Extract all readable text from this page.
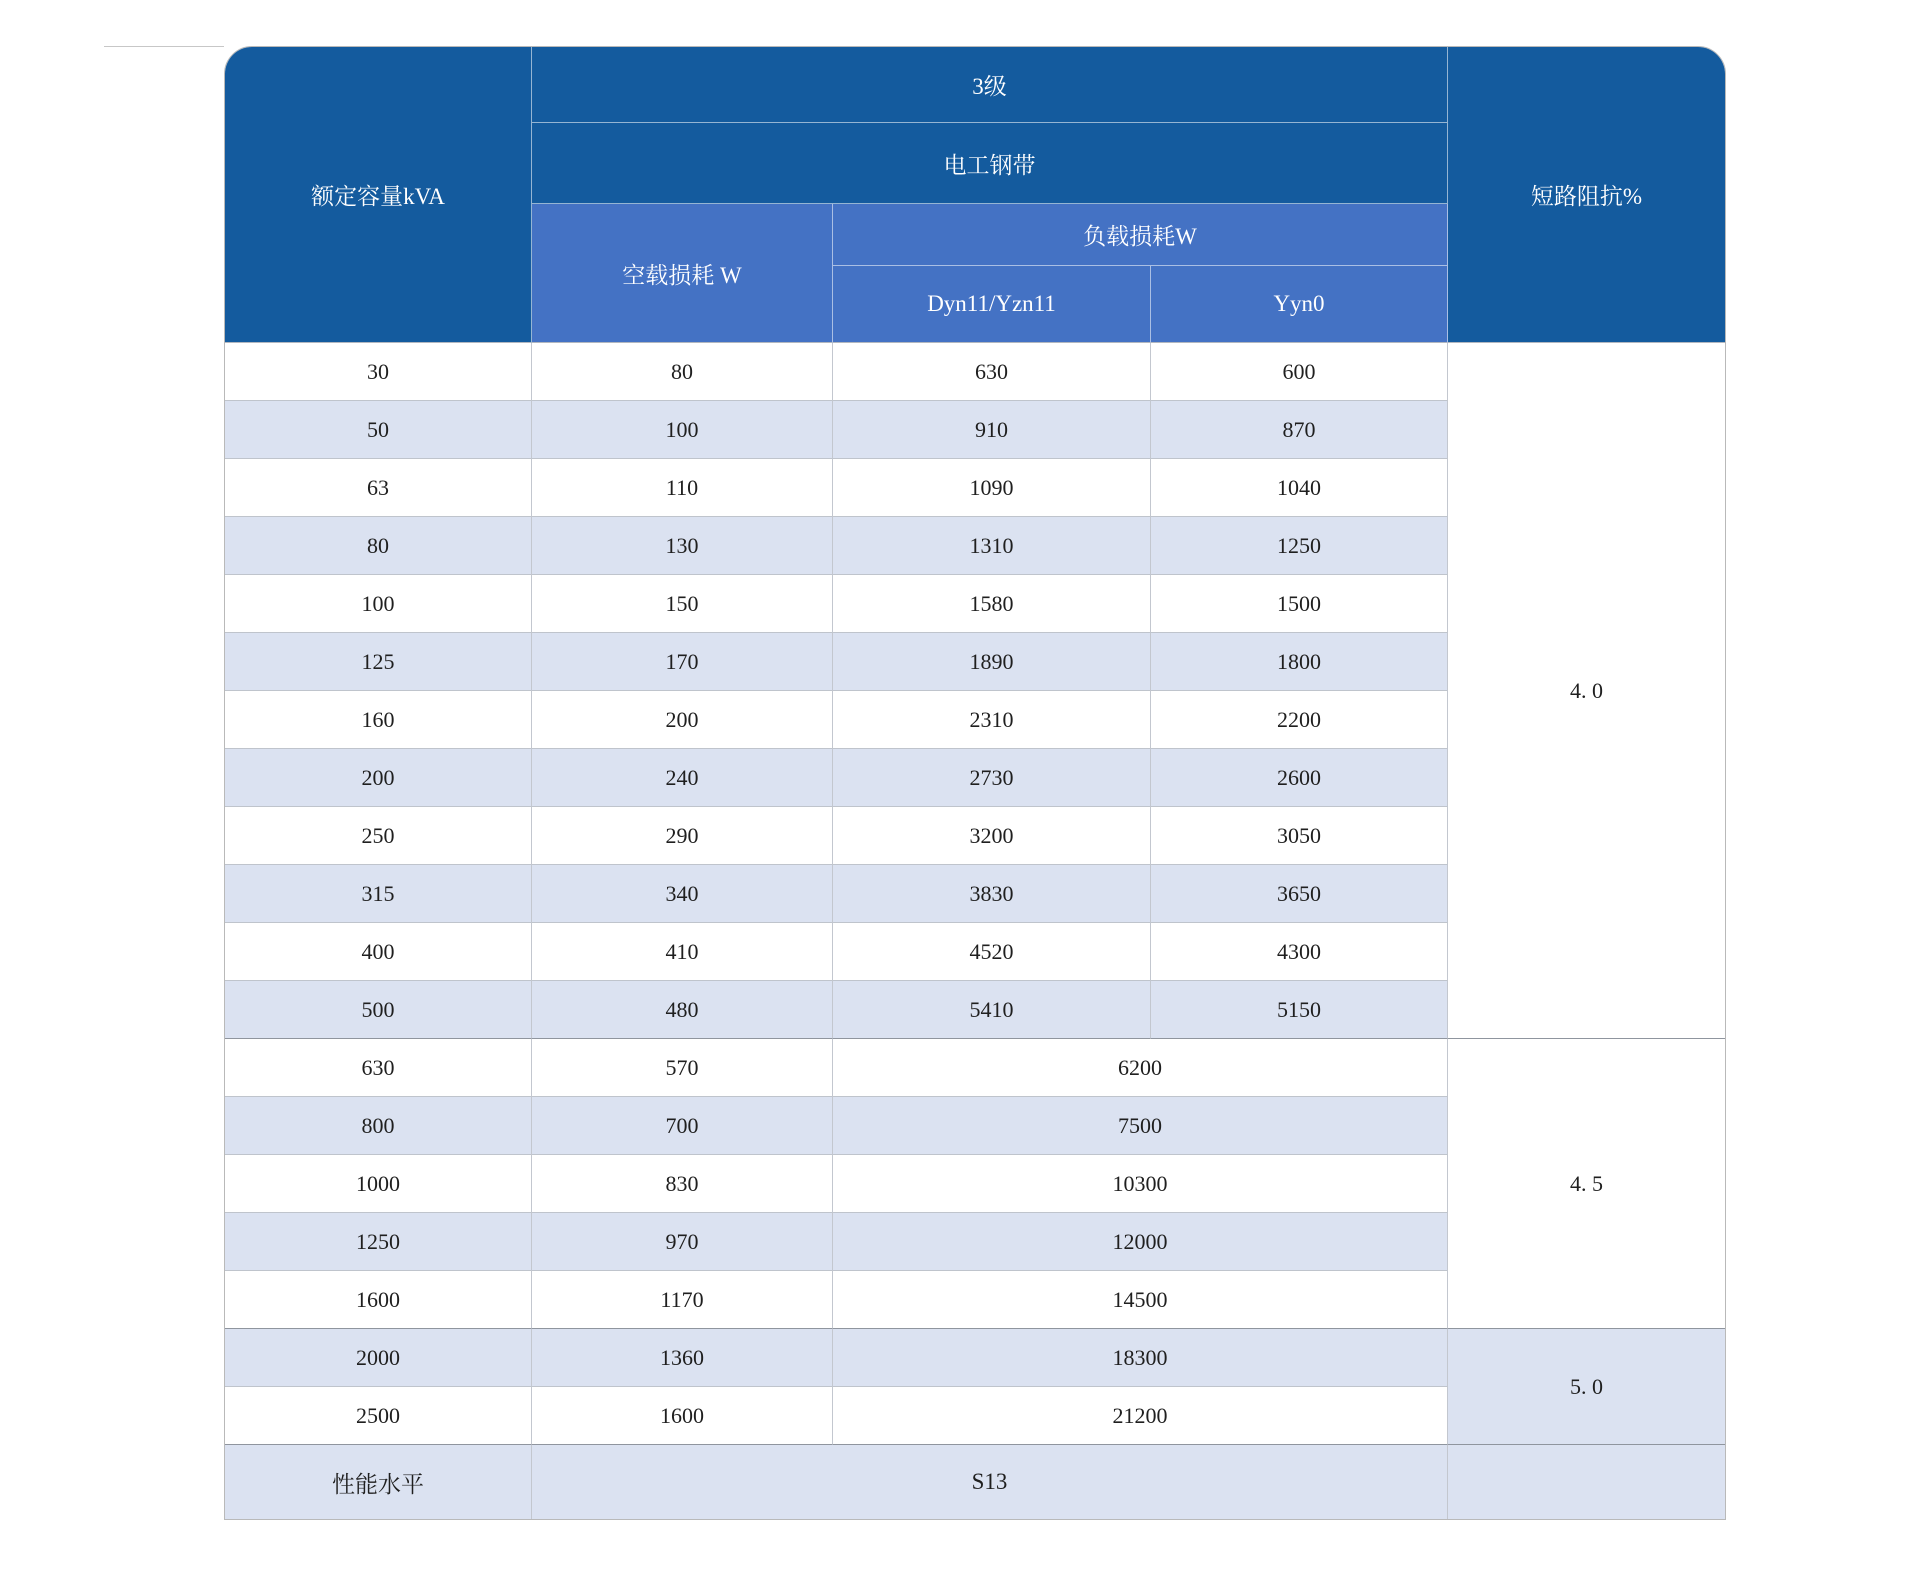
额定容量kVA	3级			短路阻抗%
	电工钢带			
	空载损耗 W	负载损耗W		
		Dyn11/Yzn11	Yyn0	
30	80	630	600	4. 0
50	100	910	870	
63	110	1090	1040	
80	130	1310	1250	
100	150	1580	1500	
125	170	1890	1800	
160	200	2310	2200	
200	240	2730	2600	
250	290	3200	3050	
315	340	3830	3650	
400	410	4520	4300	
500	480	5410	5150	
630	570	6200		4. 5
800	700	7500		
1000	830	10300		
1250	970	12000		
1600	1170	14500		
2000	1360	18300		5. 0
2500	1600	21200		
性能水平	S13			
